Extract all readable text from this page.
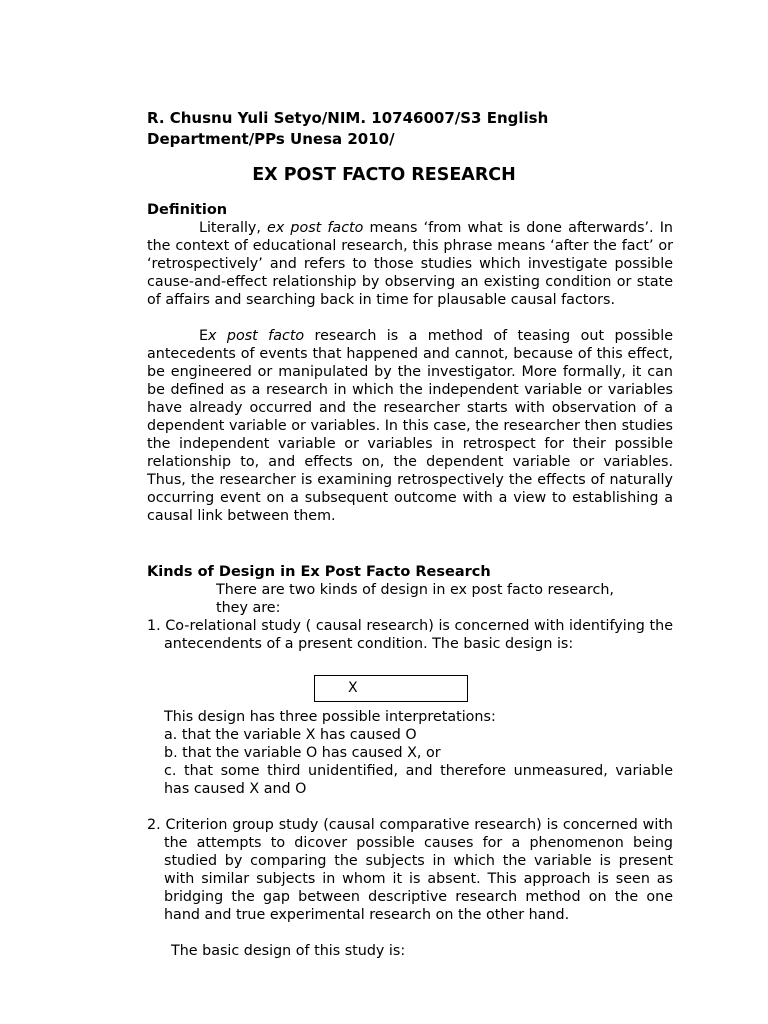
R. Chusnu Yuli Setyo/NIM. 10746007/S3 English Department/PPs Unesa 2010/
EX POST FACTO RESEARCH
Definition

Literally, ex post facto means ‘from what is done afterwards’. In the context of educational research, this phrase means ‘after the fact’ or ‘retrospectively’ and refers to those studies which investigate possible cause-and-effect relationship by observing an existing condition or state of affairs and searching back in time for plausable causal factors.

Ex post facto research is a method of teasing out possible antecedents of events that happened and cannot, because of this effect, be engineered or manipulated by the investigator. More formally, it can be defined as a research in which the independent variable or variables have already occurred and the researcher starts with observation of a dependent variable or variables. In this case, the researcher then studies the independent variable or variables in retrospect for their possible relationship to, and effects on, the dependent variable or variables. Thus, the researcher is examining retrospectively the effects of naturally occurring event on a subsequent outcome with a view to establishing a causal link between them.

Kinds of Design in Ex Post Facto Research

There are two kinds of design in ex post facto research,

they are:

1. Co-relational study ( causal research) is concerned with identifying the antecendents of a present condition. The basic design is:

X

This design has three possible interpretations:

a. that the variable X has caused O

b. that the variable O has caused X, or

c. that some third unidentified, and therefore unmeasured, variable has caused X and O

2. Criterion group study (causal comparative research) is concerned with the attempts to dicover possible causes for a phenomenon being studied by comparing the subjects in which the variable is present with similar subjects in whom it is absent. This approach is seen as bridging the gap between descriptive research method on the one hand and true experimental research on the other hand.

The basic design of this study is:
